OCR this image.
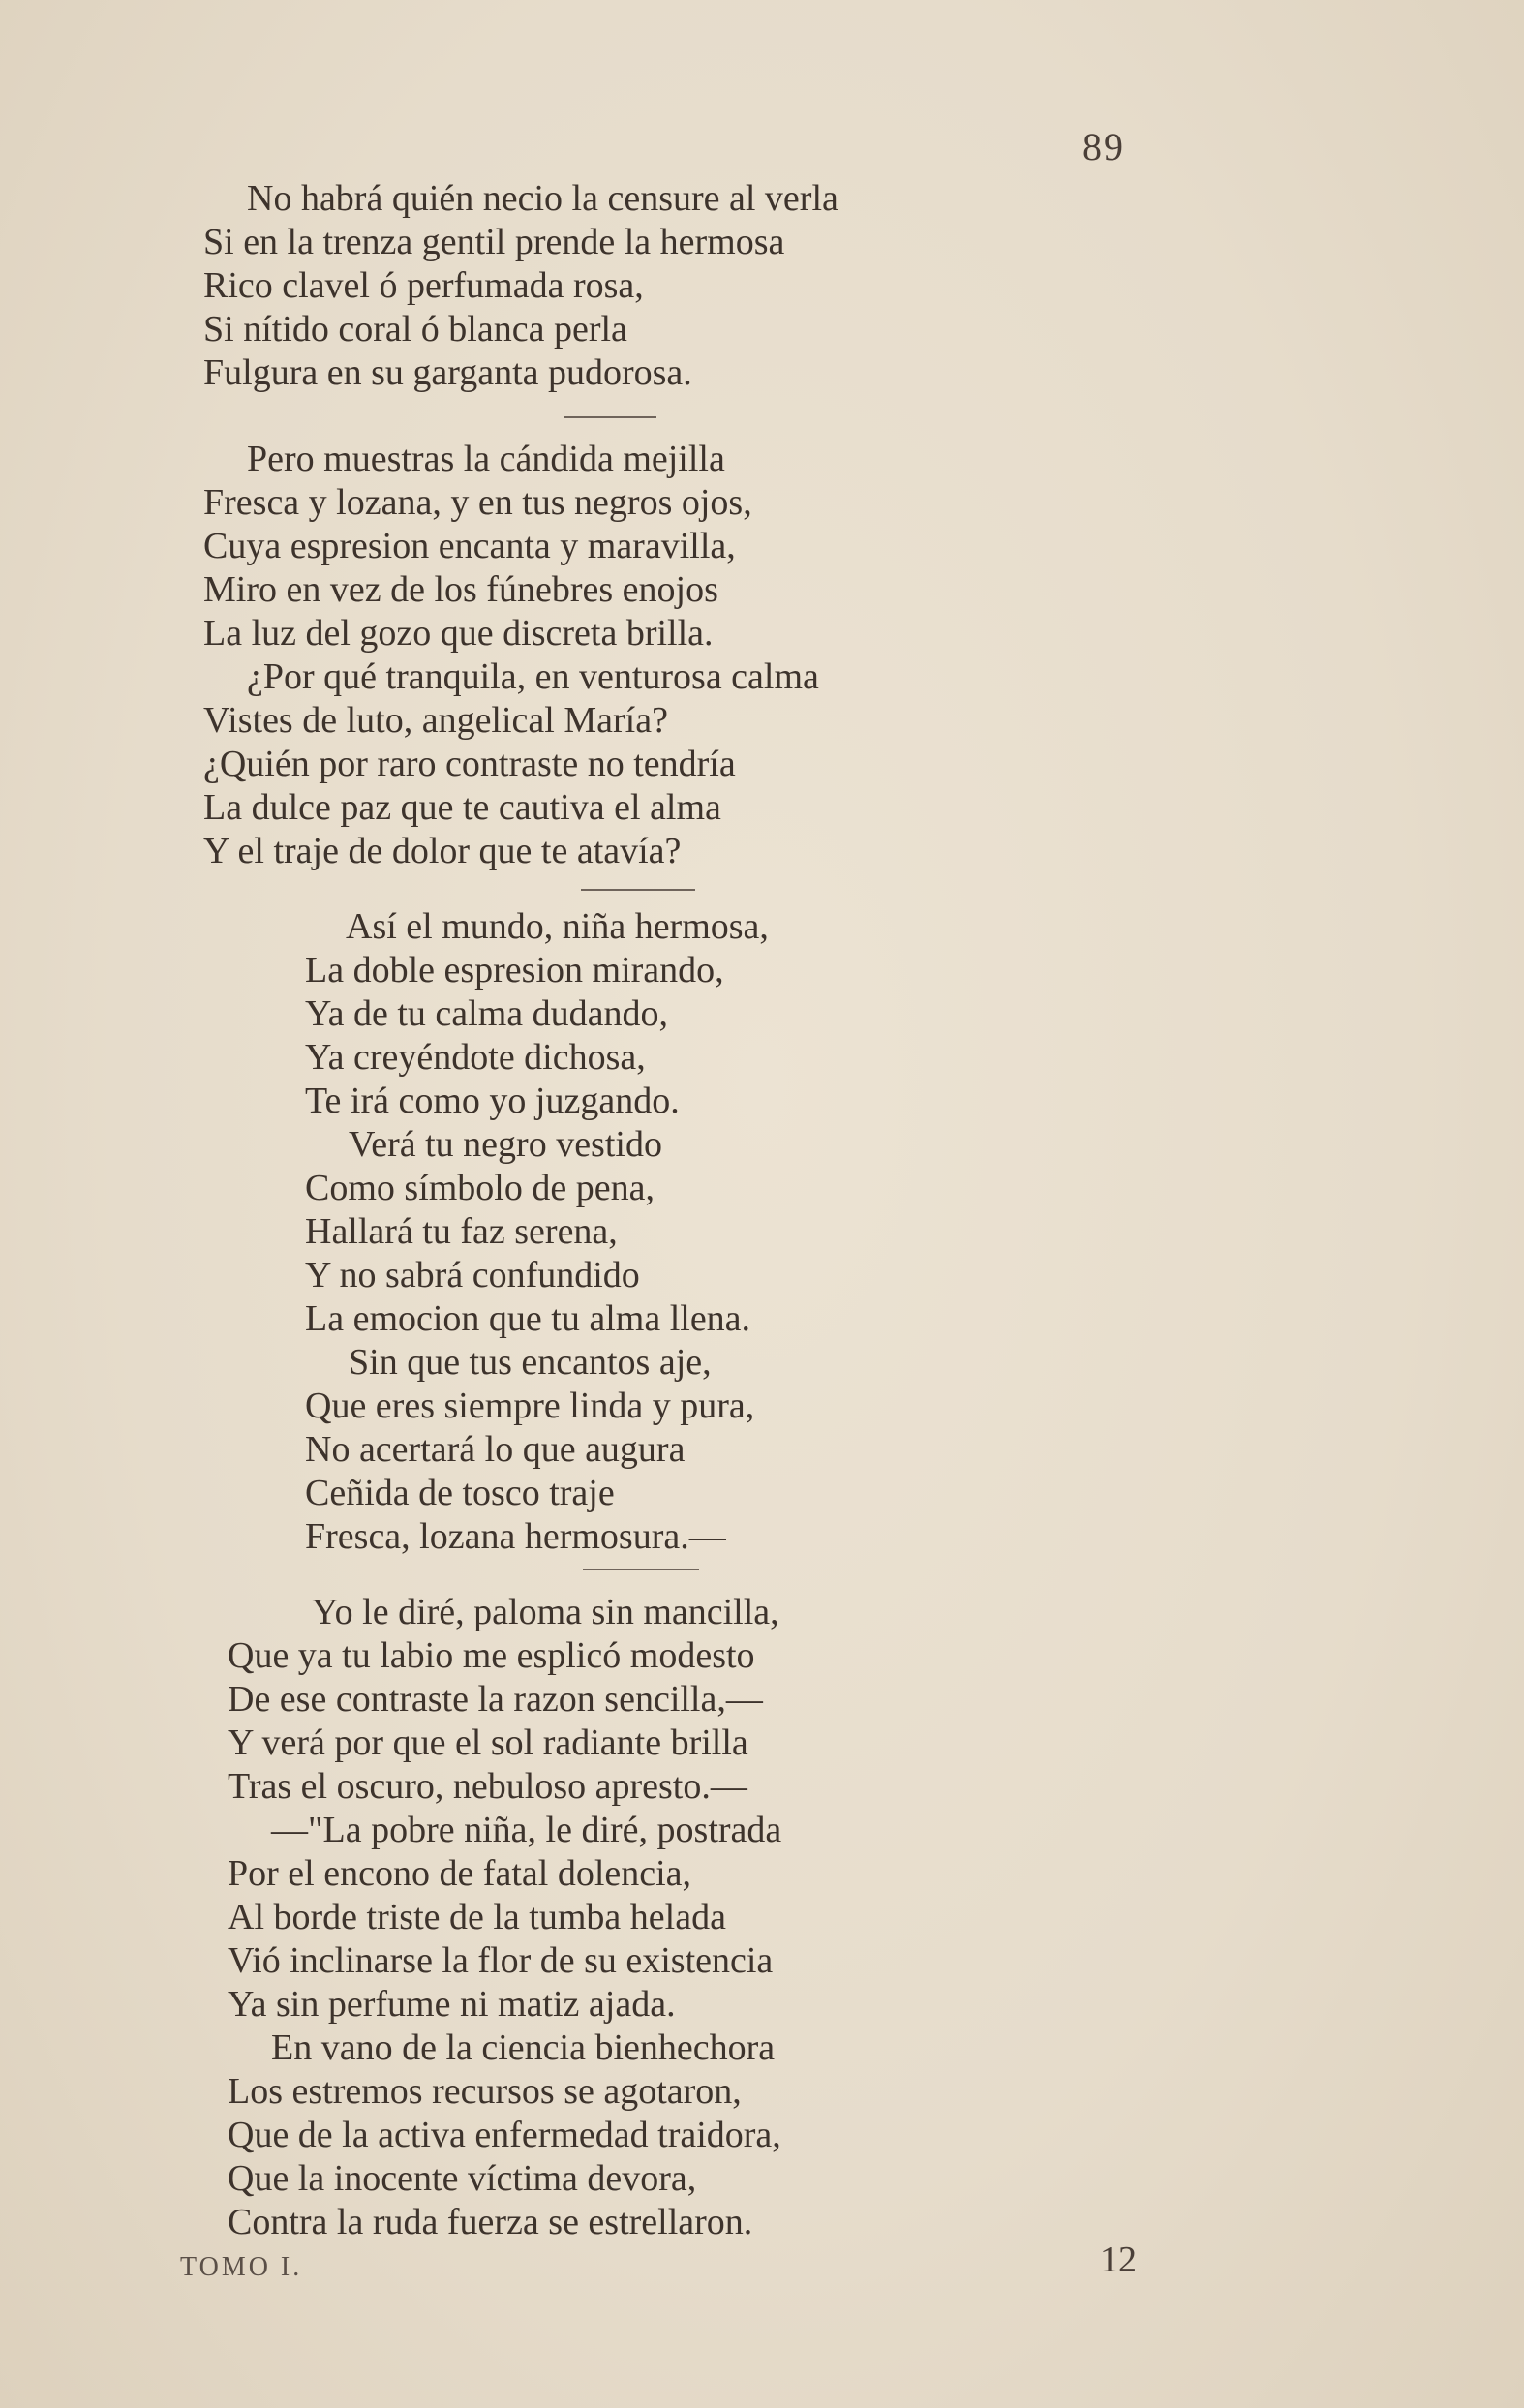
89
No habrá quién necio la censure al verla
Si en la trenza gentil prende la hermosa
Rico clavel ó perfumada rosa,
Si nítido coral ó blanca perla
Fulgura en su garganta pudorosa.
Pero muestras la cándida mejilla
Fresca y lozana, y en tus negros ojos,
Cuya espresion encanta y maravilla,
Miro en vez de los fúnebres enojos
La luz del gozo que discreta brilla.
¿Por qué tranquila, en venturosa calma
Vistes de luto, angelical María?
¿Quién por raro contraste no tendría
La dulce paz que te cautiva el alma
Y el traje de dolor que te atavía?
Así el mundo, niña hermosa,
La doble espresion mirando,
Ya de tu calma dudando,
Ya creyéndote dichosa,
Te irá como yo juzgando.
Verá tu negro vestido
Como símbolo de pena,
Hallará tu faz serena,
Y no sabrá confundido
La emocion que tu alma llena.
Sin que tus encantos aje,
Que eres siempre linda y pura,
No acertará lo que augura
Ceñida de tosco traje
Fresca, lozana hermosura.—
Yo le diré, paloma sin mancilla,
Que ya tu labio me esplicó modesto
De ese contraste la razon sencilla,—
Y verá por que el sol radiante brilla
Tras el oscuro, nebuloso apresto.—
—"La pobre niña, le diré, postrada
Por el encono de fatal dolencia,
Al borde triste de la tumba helada
Vió inclinarse la flor de su existencia
Ya sin perfume ni matiz ajada.
En vano de la ciencia bienhechora
Los estremos recursos se agotaron,
Que de la activa enfermedad traidora,
Que la inocente víctima devora,
Contra la ruda fuerza se estrellaron.
TOMO I.	12
